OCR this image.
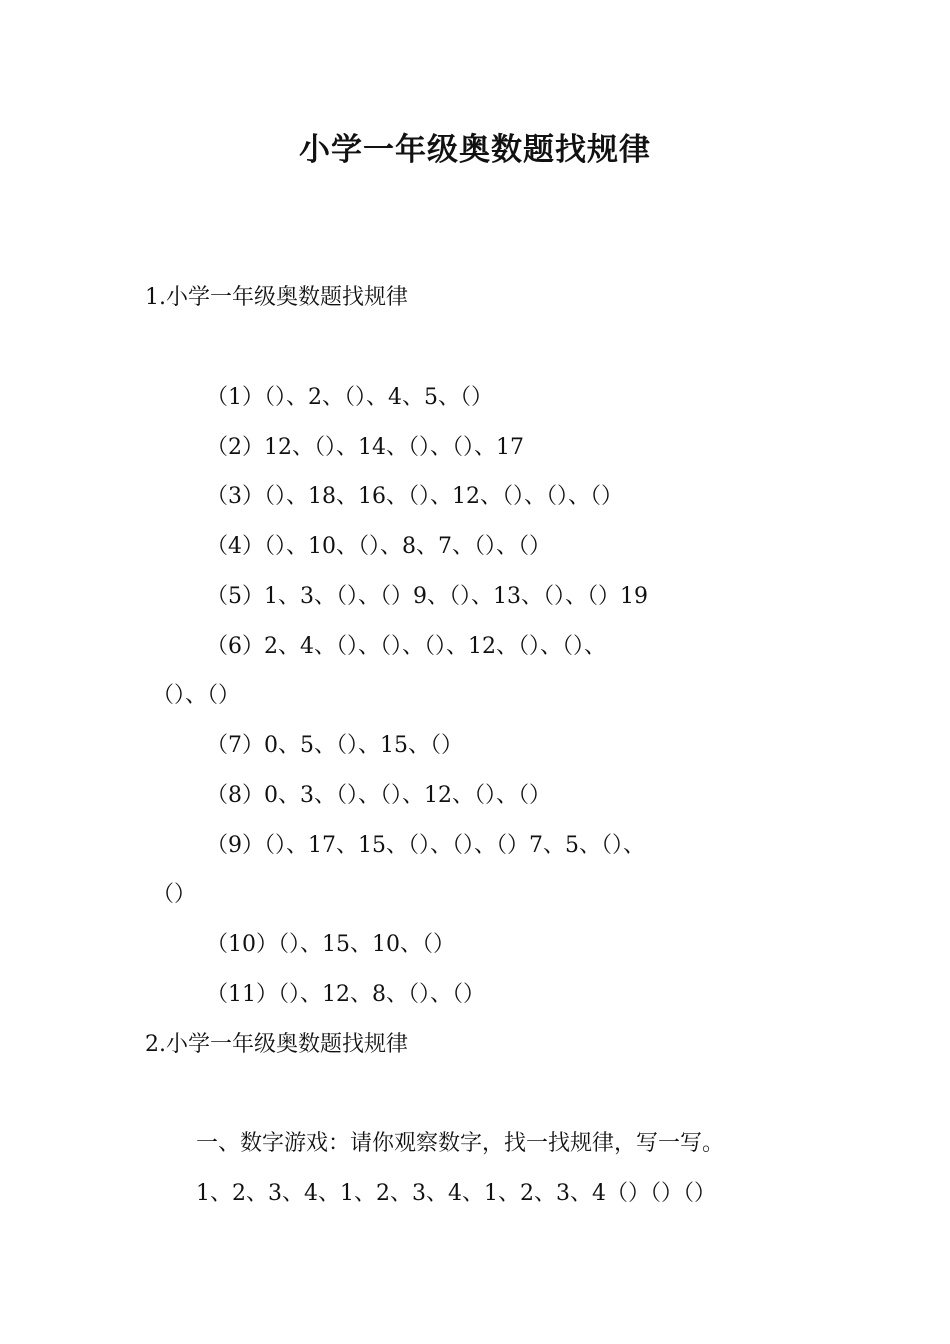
小学一年级奥数题找规律
1.小学一年级奥数题找规律
（1）（）、2、（）、4、5、（）
（2）12、（）、14、（）、（）、17
（3）（）、18、16、（）、12、（）、（）、（）
（4）（）、10、（）、8、7、（）、（）
（5）1、3、（）、（）9、（）、13、（）、（）19
（6）2、4、（）、（）、（）、12、（）、（）、
（）、（）
（7）0、5、（）、15、（）
（8）0、3、（）、（）、12、（）、（）
（9）（）、17、15、（）、（）、（）7、5、（）、
（）
（10）（）、15、10、（）
（11）（）、12、8、（）、（）
2.小学一年级奥数题找规律
一、数字游戏：请你观察数字，找一找规律，写一写。
1、2、3、4、1、2、3、4、1、2、3、4（）（）（）
